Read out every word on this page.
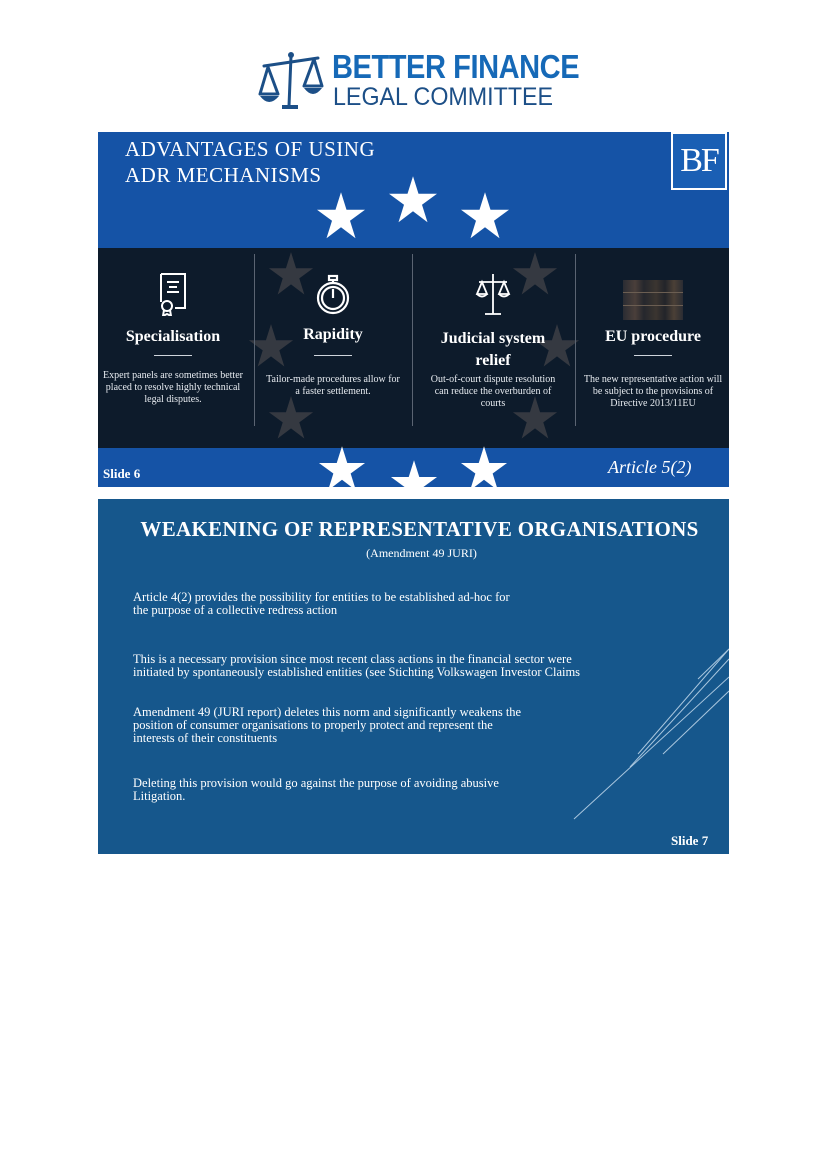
BETTER FINANCE
LEGAL COMMITTEE
ADVANTAGES OF USING
ADR MECHANISMS	BF
Specialisation
Expert panels are sometimes better placed to resolve highly technical legal disputes.
Rapidity
Tailor-made procedures allow for a faster settlement.
Judicial system relief
Out-of-court dispute resolution can reduce the overburden of courts
EU procedure
The new representative action will be subject to the provisions of Directive 2013/11EU
Slide 6	Article 5(2)
WEAKENING OF REPRESENTATIVE ORGANISATIONS
(Amendment 49 JURI)
Article 4(2) provides the possibility for entities to be established ad-hoc for
the purpose of a collective redress action
This is a necessary provision since most recent class actions in the financial sector were
initiated by spontaneously established entities (see Stichting Volkswagen Investor Claims
Amendment 49 (JURI report) deletes this norm and significantly weakens the
position of consumer organisations to properly protect and represent the
interests of their constituents
Deleting this provision would go against the purpose of avoiding abusive
Litigation.
Slide 7
